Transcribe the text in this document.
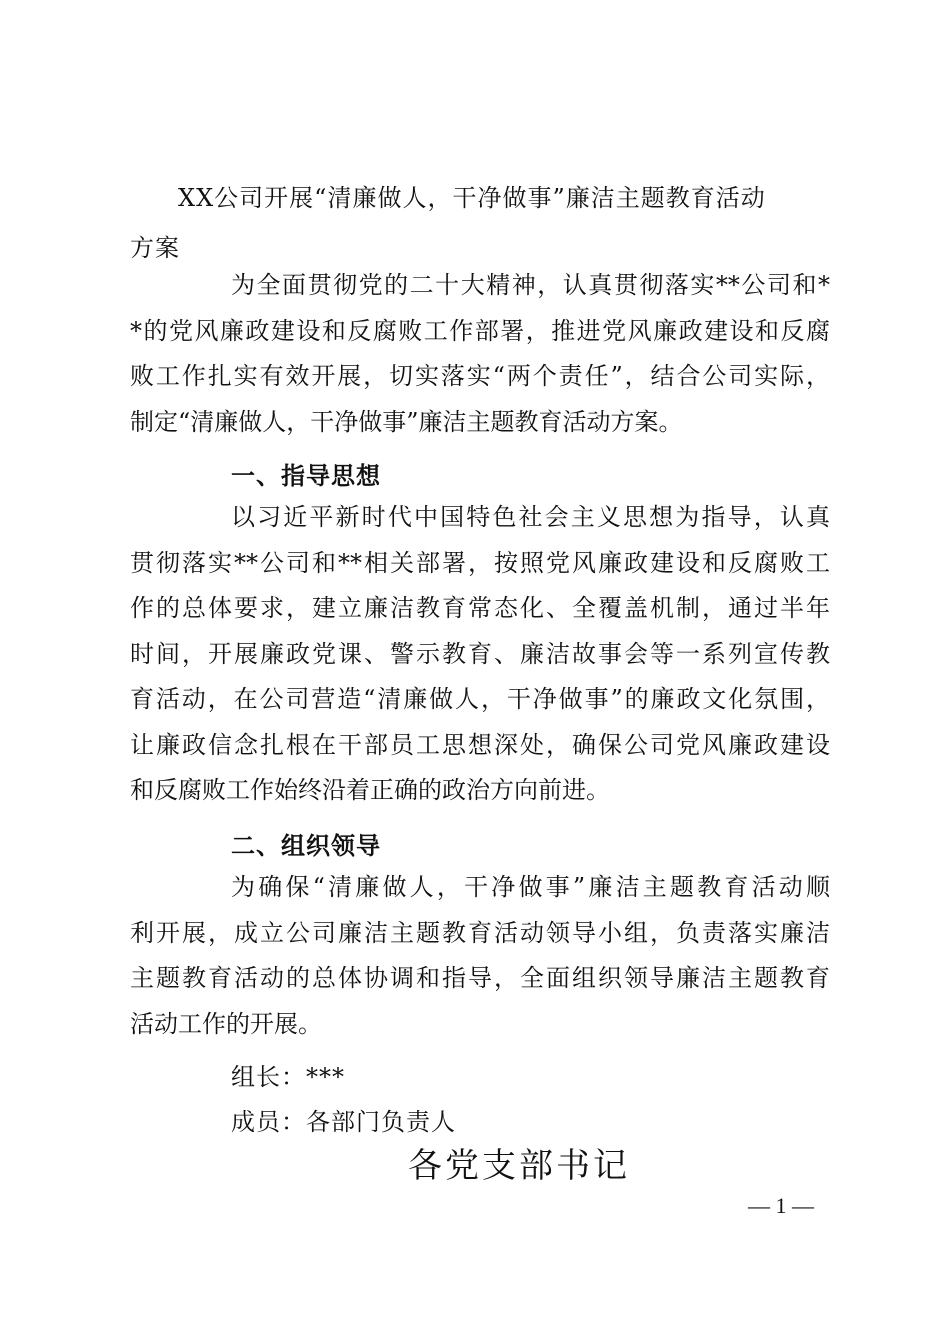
XX公司开展“清廉做人，干净做事”廉洁主题教育活动
方案
为全面贯彻党的二十大精神，认真贯彻落实**公司和*
*的党风廉政建设和反腐败工作部署，推进党风廉政建设和反腐
败工作扎实有效开展，切实落实“两个责任”，结合公司实际，
制定“清廉做人，干净做事”廉洁主题教育活动方案。
一、指导思想
以习近平新时代中国特色社会主义思想为指导，认真
贯彻落实**公司和**相关部署，按照党风廉政建设和反腐败工
作的总体要求，建立廉洁教育常态化、全覆盖机制，通过半年
时间，开展廉政党课、警示教育、廉洁故事会等一系列宣传教
育活动，在公司营造“清廉做人，干净做事”的廉政文化氛围，
让廉政信念扎根在干部员工思想深处，确保公司党风廉政建设
和反腐败工作始终沿着正确的政治方向前进。
二、组织领导
为确保“清廉做人，干净做事”廉洁主题教育活动顺
利开展，成立公司廉洁主题教育活动领导小组，负责落实廉洁
主题教育活动的总体协调和指导，全面组织领导廉洁主题教育
活动工作的开展。
组长：***
成员：各部门负责人
各党支部书记
— 1 —
